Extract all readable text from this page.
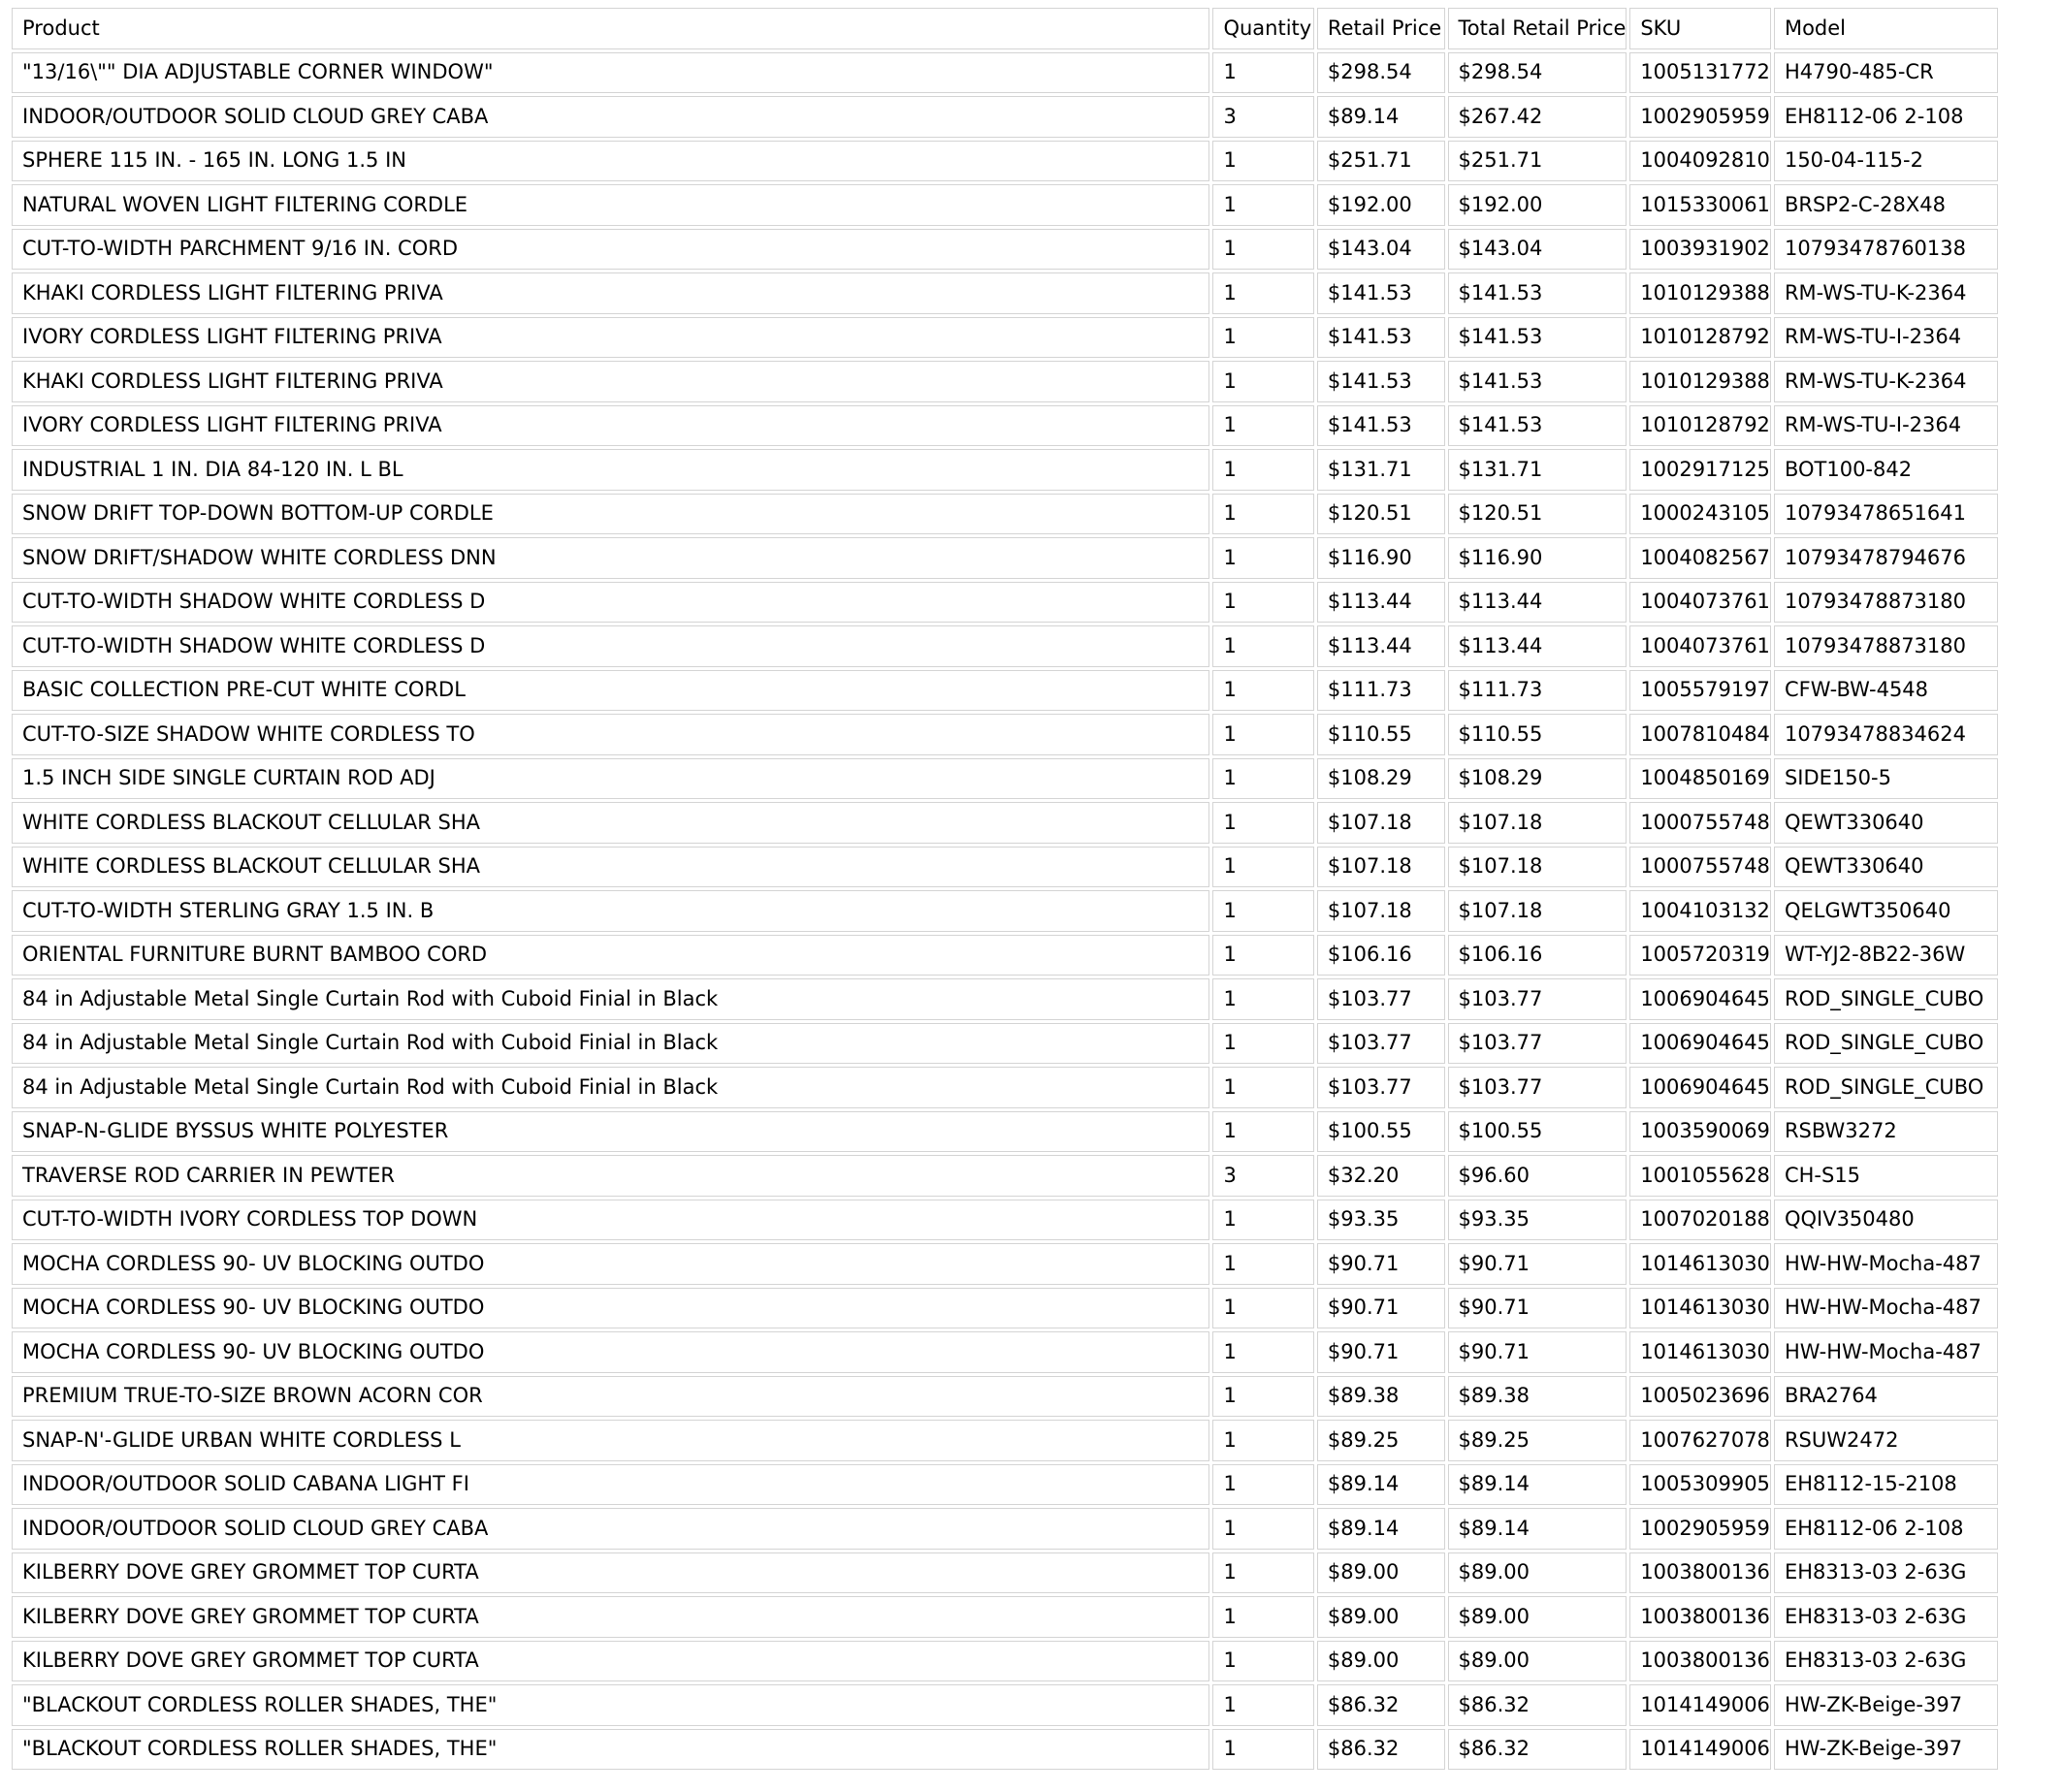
Product	Quantity	Retail Price	Total Retail Price	SKU	Model
"13/16\"" DIA ADJUSTABLE CORNER WINDOW"	1	$298.54	$298.54	1005131772	H4790-485-CR
INDOOR/OUTDOOR SOLID CLOUD GREY CABA	3	$89.14	$267.42	1002905959	EH8112-06 2-108
SPHERE 115 IN. - 165 IN. LONG 1.5 IN	1	$251.71	$251.71	1004092810	150-04-115-2
NATURAL WOVEN LIGHT FILTERING CORDLE	1	$192.00	$192.00	1015330061	BRSP2-C-28X48
CUT-TO-WIDTH PARCHMENT 9/16 IN. CORD	1	$143.04	$143.04	1003931902	10793478760138
KHAKI CORDLESS LIGHT FILTERING PRIVA	1	$141.53	$141.53	1010129388	RM-WS-TU-K-2364
IVORY CORDLESS LIGHT FILTERING PRIVA	1	$141.53	$141.53	1010128792	RM-WS-TU-I-2364
KHAKI CORDLESS LIGHT FILTERING PRIVA	1	$141.53	$141.53	1010129388	RM-WS-TU-K-2364
IVORY CORDLESS LIGHT FILTERING PRIVA	1	$141.53	$141.53	1010128792	RM-WS-TU-I-2364
INDUSTRIAL 1 IN. DIA 84-120 IN. L BL	1	$131.71	$131.71	1002917125	BOT100-842
SNOW DRIFT TOP-DOWN BOTTOM-UP CORDLE	1	$120.51	$120.51	1000243105	10793478651641
SNOW DRIFT/SHADOW WHITE CORDLESS DNN	1	$116.90	$116.90	1004082567	10793478794676
CUT-TO-WIDTH SHADOW WHITE CORDLESS D	1	$113.44	$113.44	1004073761	10793478873180
CUT-TO-WIDTH SHADOW WHITE CORDLESS D	1	$113.44	$113.44	1004073761	10793478873180
BASIC COLLECTION PRE-CUT WHITE CORDL	1	$111.73	$111.73	1005579197	CFW-BW-4548
CUT-TO-SIZE SHADOW WHITE CORDLESS TO	1	$110.55	$110.55	1007810484	10793478834624
1.5 INCH SIDE SINGLE CURTAIN ROD ADJ	1	$108.29	$108.29	1004850169	SIDE150-5
WHITE CORDLESS BLACKOUT CELLULAR SHA	1	$107.18	$107.18	1000755748	QEWT330640
WHITE CORDLESS BLACKOUT CELLULAR SHA	1	$107.18	$107.18	1000755748	QEWT330640
CUT-TO-WIDTH STERLING GRAY 1.5 IN. B	1	$107.18	$107.18	1004103132	QELGWT350640
ORIENTAL FURNITURE BURNT BAMBOO CORD	1	$106.16	$106.16	1005720319	WT-YJ2-8B22-36W
84 in Adjustable Metal Single Curtain Rod with Cuboid Finial in Black	1	$103.77	$103.77	1006904645	ROD_SINGLE_CUBO
84 in Adjustable Metal Single Curtain Rod with Cuboid Finial in Black	1	$103.77	$103.77	1006904645	ROD_SINGLE_CUBO
84 in Adjustable Metal Single Curtain Rod with Cuboid Finial in Black	1	$103.77	$103.77	1006904645	ROD_SINGLE_CUBO
SNAP-N-GLIDE BYSSUS WHITE POLYESTER	1	$100.55	$100.55	1003590069	RSBW3272
TRAVERSE ROD CARRIER IN PEWTER	3	$32.20	$96.60	1001055628	CH-S15
CUT-TO-WIDTH IVORY CORDLESS TOP DOWN	1	$93.35	$93.35	1007020188	QQIV350480
MOCHA CORDLESS 90- UV BLOCKING OUTDO	1	$90.71	$90.71	1014613030	HW-HW-Mocha-487
MOCHA CORDLESS 90- UV BLOCKING OUTDO	1	$90.71	$90.71	1014613030	HW-HW-Mocha-487
MOCHA CORDLESS 90- UV BLOCKING OUTDO	1	$90.71	$90.71	1014613030	HW-HW-Mocha-487
PREMIUM TRUE-TO-SIZE BROWN ACORN COR	1	$89.38	$89.38	1005023696	BRA2764
SNAP-N'-GLIDE URBAN WHITE CORDLESS L	1	$89.25	$89.25	1007627078	RSUW2472
INDOOR/OUTDOOR SOLID CABANA LIGHT FI	1	$89.14	$89.14	1005309905	EH8112-15-2108
INDOOR/OUTDOOR SOLID CLOUD GREY CABA	1	$89.14	$89.14	1002905959	EH8112-06 2-108
KILBERRY DOVE GREY GROMMET TOP CURTA	1	$89.00	$89.00	1003800136	EH8313-03 2-63G
KILBERRY DOVE GREY GROMMET TOP CURTA	1	$89.00	$89.00	1003800136	EH8313-03 2-63G
KILBERRY DOVE GREY GROMMET TOP CURTA	1	$89.00	$89.00	1003800136	EH8313-03 2-63G
"BLACKOUT CORDLESS ROLLER SHADES, THE"	1	$86.32	$86.32	1014149006	HW-ZK-Beige-397
"BLACKOUT CORDLESS ROLLER SHADES, THE"	1	$86.32	$86.32	1014149006	HW-ZK-Beige-397
